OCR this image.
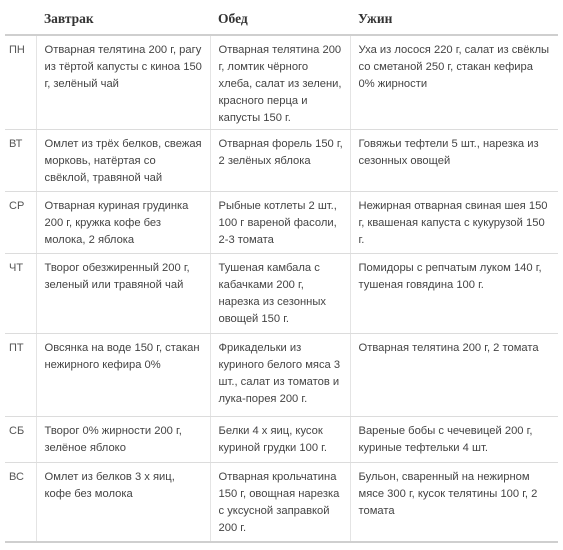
	Завтрак	Обед	Ужин
ПН	Отварная телятина 200 г, рагу из тёртой капусты с киноа 150 г, зелёный чай	Отварная телятина 200 г, ломтик чёрного хлеба, салат из зелени, красного перца и капусты 150 г.	Уха из лосося 220 г, салат из свёклы со сметаной 250 г, стакан кефира 0% жирности
ВТ	Омлет из трёх белков, свежая морковь, натёртая со свёклой, травяной чай	Отварная форель 150 г, 2 зелёных яблока	Говяжьи тефтели 5 шт., нарезка из сезонных овощей
СР	Отварная куриная грудинка 200 г, кружка кофе без молока, 2 яблока	Рыбные котлеты 2 шт., 100 г вареной фасоли, 2-3 томата	Нежирная отварная свиная шея 150 г, квашеная капуста с кукурузой 150 г.
ЧТ	Творог обезжиренный 200 г, зеленый или травяной чай	Тушеная камбала с кабачками 200 г, нарезка из сезонных овощей 150 г.	Помидоры с репчатым луком 140 г, тушеная говядина 100 г.
ПТ	Овсянка на воде 150 г, стакан нежирного кефира 0%	Фрикадельки из куриного белого мяса 3 шт., салат из томатов и лука-порея 200 г.	Отварная телятина 200 г, 2 томата
СБ	Творог 0% жирности 200 г, зелёное яблоко	Белки 4 х яиц, кусок куриной грудки 100 г.	Вареные бобы с чечевицей 200 г, куриные тефтельки 4 шт.
ВС	Омлет из белков 3 х яиц, кофе без молока	Отварная крольчатина 150 г, овощная нарезка с уксусной заправкой 200 г.	Бульон, сваренный на нежирном мясе 300 г, кусок телятины 100 г, 2 томата
